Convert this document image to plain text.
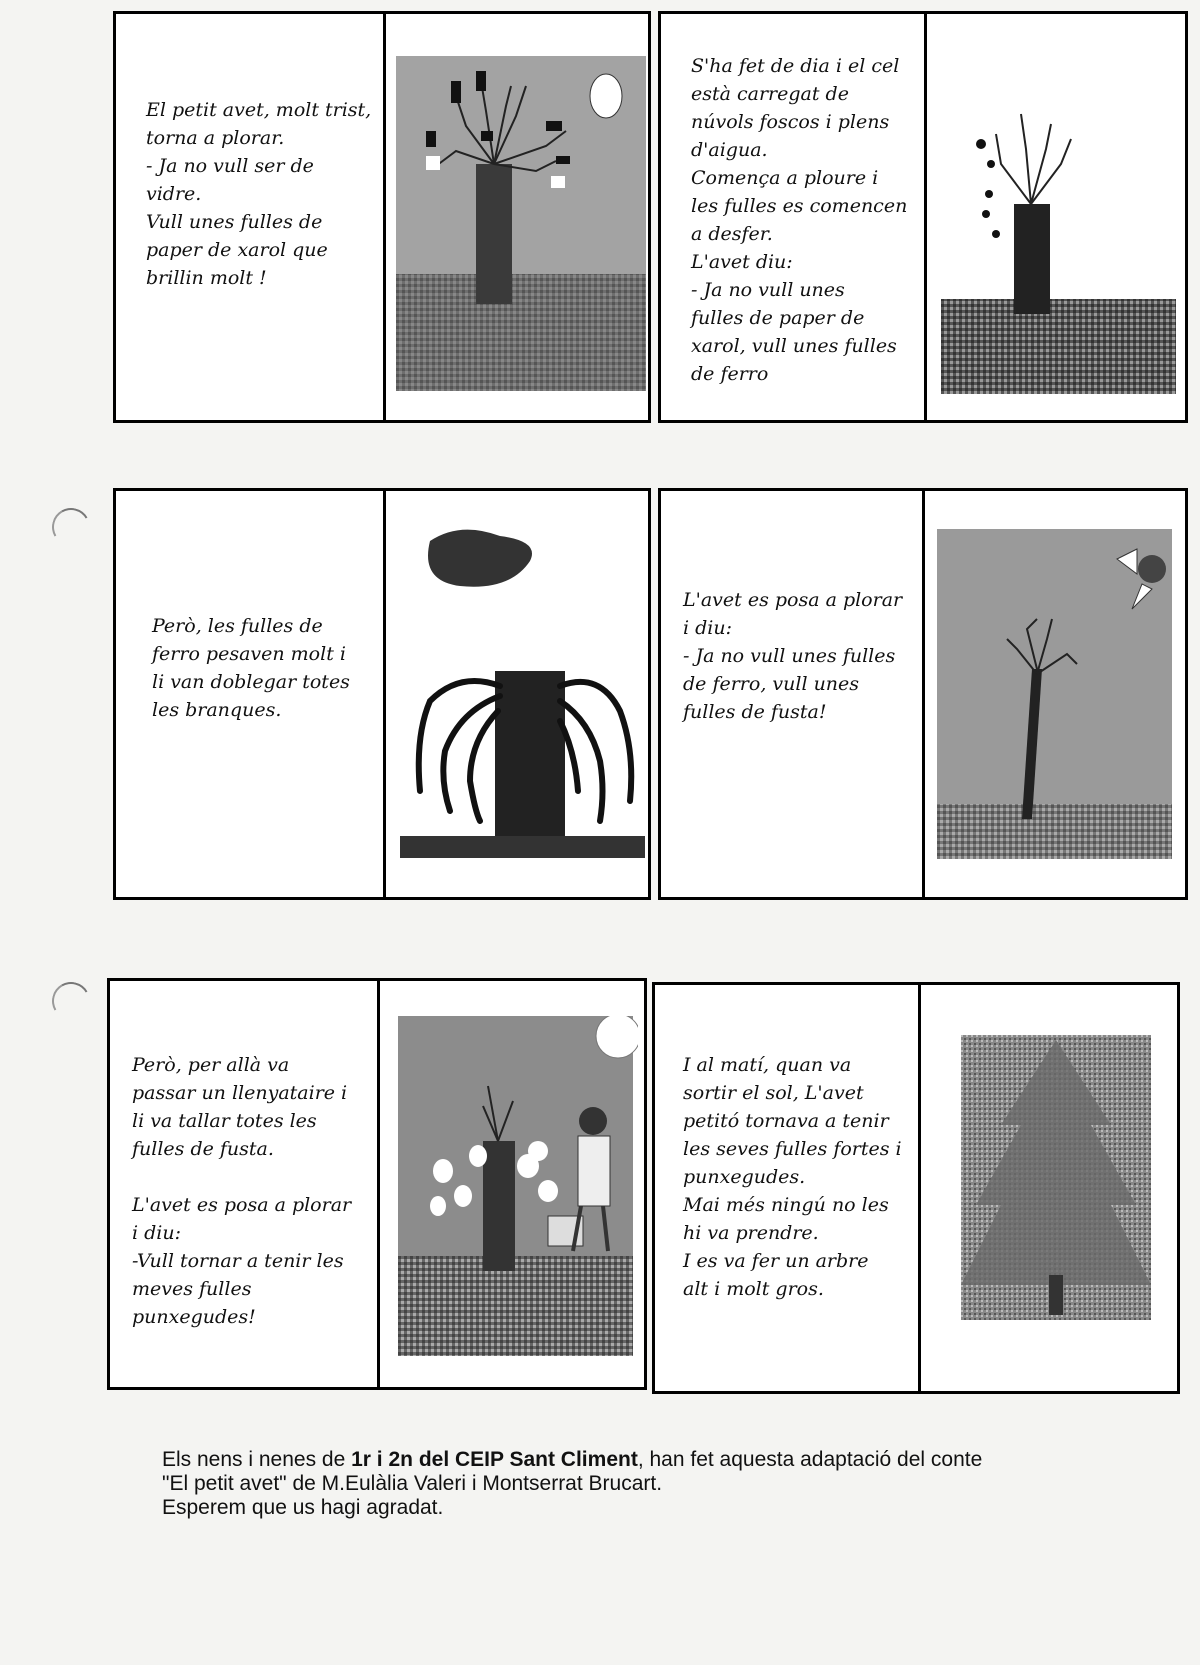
El petit avet, molt trist,
torna a plorar.
- Ja no vull ser de
vidre.
Vull unes fulles de
paper de xarol que
brillin molt !
S'ha fet de dia i el cel
està carregat de
núvols foscos i plens
d'aigua.
Comença a ploure i
les fulles es comencen
a desfer.
L'avet diu:
- Ja no vull unes
fulles de paper de
xarol, vull unes fulles
de ferro
Però, les fulles de
ferro pesaven molt i
li van doblegar totes
les branques.
L'avet es posa a plorar
i diu:
- Ja no vull unes fulles
de ferro, vull unes
fulles de fusta!
Però, per allà va
passar un llenyataire i
li va tallar totes les
fulles de fusta.
L'avet es posa a plorar
i diu:
-Vull tornar a tenir les
meves fulles
punxegudes!
I al matí, quan va
sortir el sol, L'avet
petitó tornava a tenir
les seves fulles fortes i
punxegudes.
Mai més ningú no les
hi va prendre.
I es va fer un arbre
alt i molt gros.
Els nens i nenes de 1r i 2n del CEIP Sant Climent, han fet aquesta adaptació del conte
"El petit avet" de M.Eulàlia Valeri i Montserrat Brucart.
Esperem que us hagi agradat.
